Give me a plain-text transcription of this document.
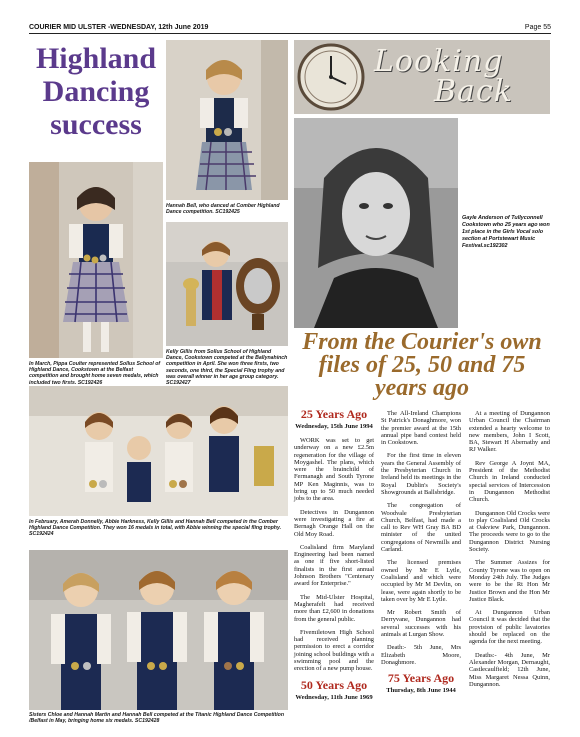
COURIER MID ULSTER -WEDNESDAY, 12th June 2019	Page 55
Highland
Dancing
success
Hannah Bell, who danced at Comber Highland Dance competition. SC192425
In March, Pippa Coulter represented Sollus School of Highland Dance, Cookstown at the Belfast competition and brought home seven medals, which included two firsts. SC192426
Kelly Gillis from Sollus School of Highland Dance, Cookstown competed at the Ballynahinch competition in April. She won three firsts, two seconds, one third, the Special Fling trophy and was overall winner in her age group category. SC192427
In February, Amerah Donnelly, Abbie Harkness, Kelly Gillis and Hannah Bell competed in the Comber Highland Dance Competition. They won 16 medals in total, with Abbie winning the special fling trophy. SC192424
Sisters Chloe and Hannah Martin and Hannah Bell competed at the Titanic Highland Dance Competition /Belfast in May, bringing home six medals. SC192428
Looking
Back
Gayle Anderson of Tullyconnell Cookstown who 25 years ago won 1st place in the Girls Vocal solo section at Portstewart Music Festival.sc192302
From the Courier's own files of 25, 50 and 75 years ago
25 Years Ago
Wednesday, 15th June 1994

WORK was set to get underway on a new £2.5m regeneration for the village of Moygashel. The plans, which were the brainchild of Fermanagh and South Tyrone MP Ken Maginnis, was to bring up to 50 much needed jobs to the area.

Detectives in Dungannon were investigating a fire at Bernagh Orange Hall on the Old Moy Road.

Coalisland firm Maryland Engineering had been named as one if five short-listed finalists in the first annual Johnson Brothers "Centenary award for Enterprise."

The Mid-Ulster Hospital, Magherafelt had received more than £2,600 in donations from the general public.

Fivemiletown High School had received planning permission to erect a corridor joining school buildings with a swimming pool and the erection of a new pump house.

50 Years Ago
Wednesday, 11th June 1969

The All-Ireland Champions St Patrick's Donaghmore, won the premier award at the 15th annual pipe band contest held in Cookstown.

For the first time in eleven years the General Assembly of the Presbyterian Church in Ireland held its meetings in the Royal Dublin's Society's Showgrounds at Ballsbridge.

The congregation of Woodvale Presbyterian Church, Belfast, had made a call to Rev WH Gray BA BD minister of the united congregatons of Newmills and Carland.

The licensed premises owned by Mr E Lytle, Coalisland and which were occupied by Mr M Devlin, on lease, were again shortly to be taken over by Mr E Lytle.

Mr Robert Smith of Derryvane, Dungannon had several successes with his animals at Lurgan Show.

Death:- 5th June, Mrs Elizabeth Moore, Donaghmore.

75 Years Ago
Thursday, 8th June 1944

At a meeting of Dungannon Urban Council the Chairman extended a hearty welcome to new members, John I Scott, BA, Stewart H Abernathy and RJ Walker.

Rev George A Joynt MA, President of the Methodist Church in Ireland conducted special services of Intercession in Dungannon Methodist Church.

Dungannon Old Crocks were to play Coalisland Old Crocks at Oakview Park, Dungannon. The proceeds were to go to the Dungannon District Nursing Society.

The Summer Assizes for County Tyrone was to open on Monday 24th July. The Judges were to be the Rt Hon Mr Justice Brown and the Hon Mr Justice Black.

At Dungannon Urban Council it was decided that the provision of public lavatories should be replaced on the agenda for the next meeting.

Deaths:- 4th June, Mr Alexander Morgan, Dernaught, Castlecaulfield; 12th June, Miss Margaret Nessa Quinn, Dungannon.
